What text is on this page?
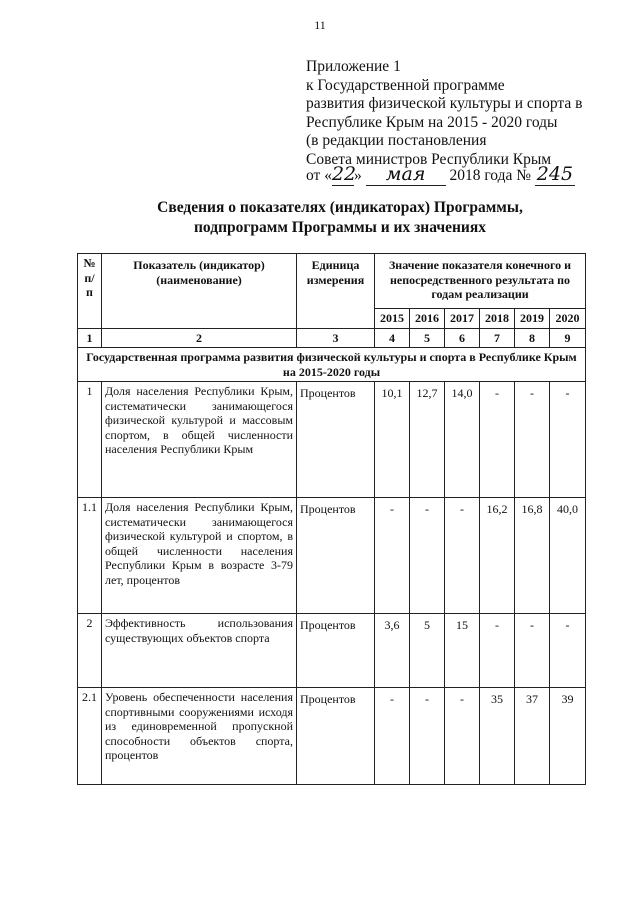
11
Приложение 1
к Государственной программе
развития физической культуры и спорта в
Республике Крым на 2015 - 2020 годы
(в редакции постановления
Совета министров Республики Крым
от «22» мая 2018 года № 245
Сведения о показателях (индикаторах) Программы,
подпрограмм Программы и их значениях
№ п/п	Показатель (индикатор) (наименование)	Единица измерения	Значение показателя конечного и непосредственного результата по годам реализации					
			2015	2016	2017	2018	2019	2020
1	2	3	4	5	6	7	8	9
Государственная программа развития физической культуры и спорта в Республике Крым на 2015-2020 годы								
1	Доля населения Республики Крым, систематически занимающегося физической культурой и массовым спортом, в общей численности населения Республики Крым	Процентов	10,1	12,7	14,0	-	-	-
1.1	Доля населения Республики Крым, систематически занимающегося физической культурой и спортом, в общей численности населения Республики Крым в возрасте 3-79 лет, процентов	Процентов	-	-	-	16,2	16,8	40,0
2	Эффективность использования существующих объектов спорта	Процентов	3,6	5	15	-	-	-
2.1	Уровень обеспеченности населения спортивными сооружениями исходя из единовременной пропускной способности объектов спорта, процентов	Процентов	-	-	-	35	37	39
